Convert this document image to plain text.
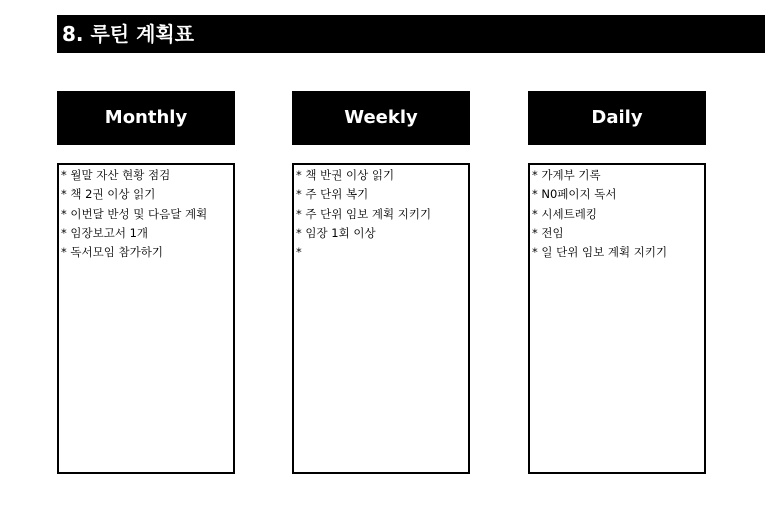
8. 루틴 계획표
Monthly
* 월말 자산 현황 점검
* 책 2권 이상 읽기
* 이번달 반성 및 다음달 계획
* 임장보고서 1개
* 독서모임 참가하기
Weekly
* 책 반권 이상 읽기
* 주 단위 복기
* 주 단위 임보 계획 지키기
* 임장 1회 이상
*
Daily
* 가계부 기록
* N0페이지 독서
* 시세트레킹
* 전임
* 일 단위 임보 계획 지키기
